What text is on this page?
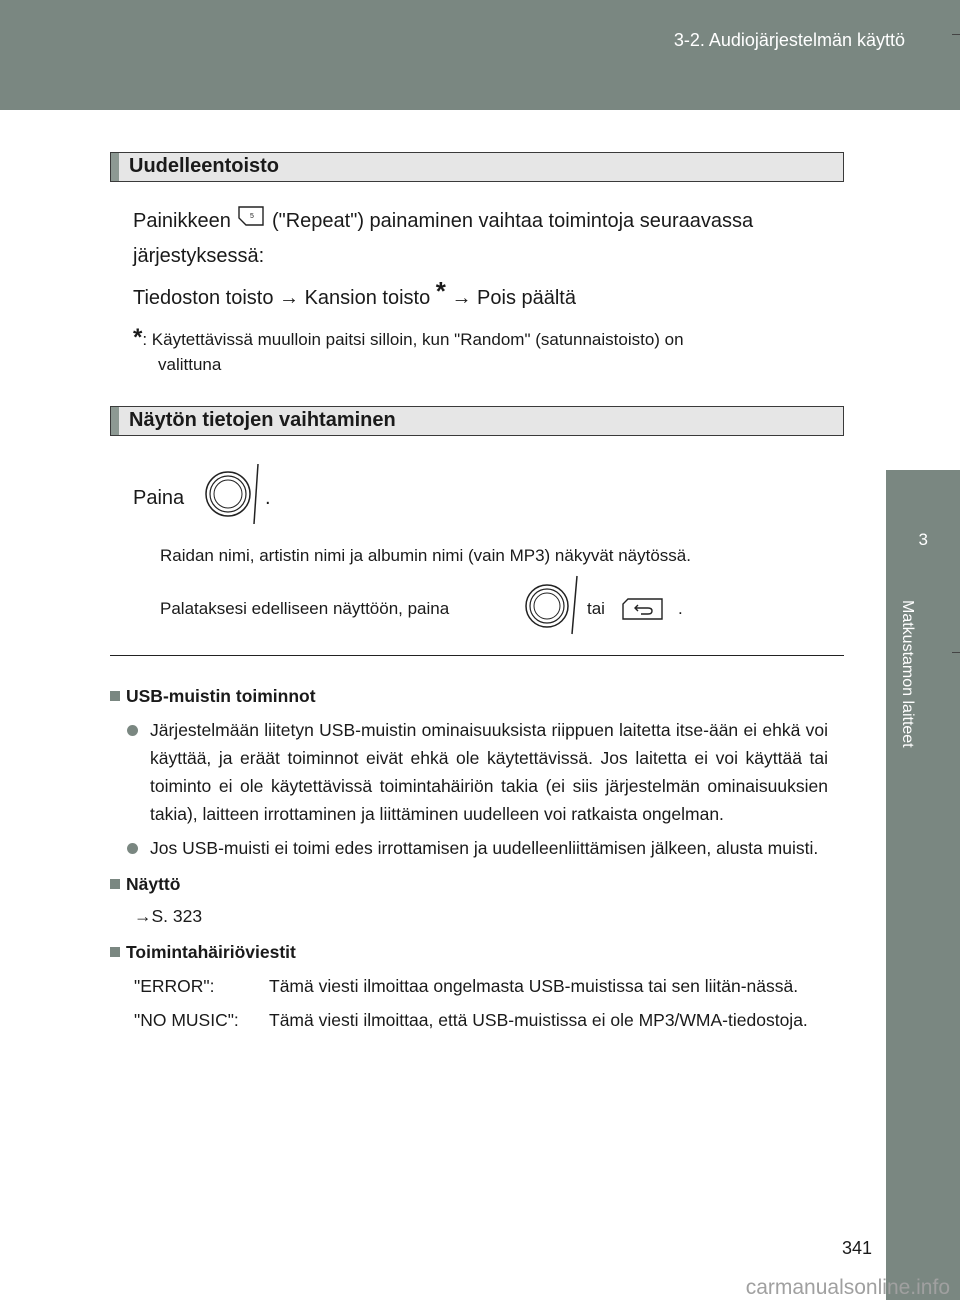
3-2. Audiojärjestelmän käyttö
3
Matkustamon laitteet
Uudelleentoisto
Painikkeen	5 ("Repeat") painaminen vaihtaa toimintoja seuraavassa
järjestyksessä:
Tiedoston toisto → Kansion toisto * → Pois päältä
*: Käytettävissä muulloin paitsi silloin, kun "Random" (satunnaistoisto) on
valittuna
Näytön tietojen vaihtaminen
Paina	.
Raidan nimi, artistin nimi ja albumin nimi (vain MP3) näkyvät näytössä.
Palataksesi edelliseen näyttöön, paina	tai	.
USB-muistin toiminnot
Järjestelmään liitetyn USB-muistin ominaisuuksista riippuen laitetta itse-ään ei ehkä voi käyttää, ja eräät toiminnot eivät ehkä ole käytettävissä. Jos laitetta ei voi käyttää tai toiminto ei ole käytettävissä toimintahäiriön takia (ei siis järjestelmän ominaisuuksien takia), laitteen irrottaminen ja liittäminen uudelleen voi ratkaista ongelman.
Jos USB-muisti ei toimi edes irrottamisen ja uudelleenliittämisen jälkeen, alusta muisti.
Näyttö
→S. 323
Toimintahäiriöviestit
"ERROR":	Tämä viesti ilmoittaa ongelmasta USB-muistissa tai sen liitän-nässä.
"NO MUSIC":	Tämä viesti ilmoittaa, että USB-muistissa ei ole MP3/WMA-tiedostoja.
341
carmanualsonline.info
